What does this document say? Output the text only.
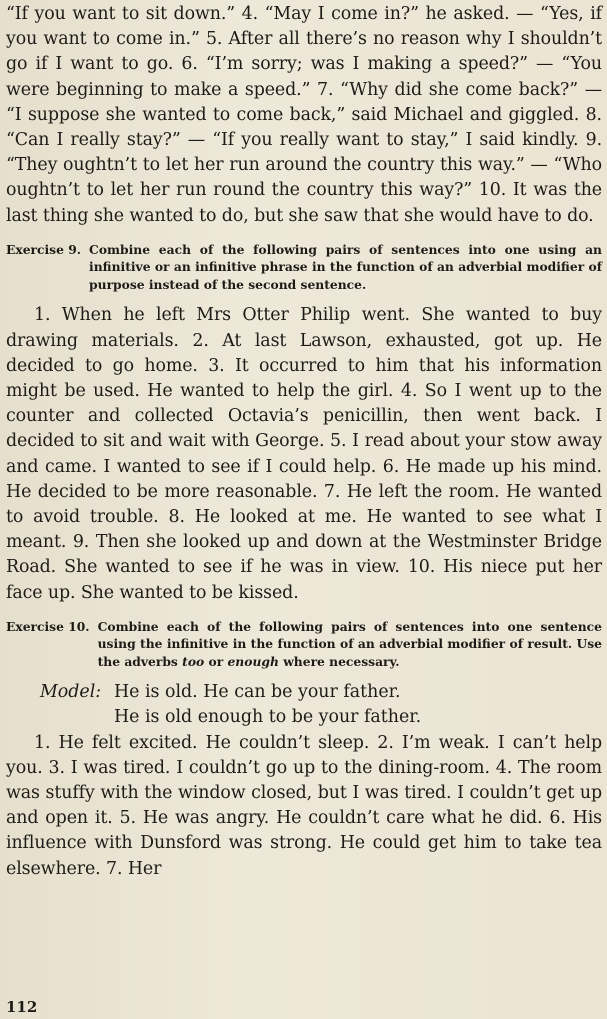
“If you want to sit down.” 4. “May I come in?” he asked. — “Yes, if you want to come in.” 5. After all there’s no reason why I shouldn’t go if I want to go. 6. “I’m sorry; was I making a speed?” — “You were beginning to make a speed.” 7. “Why did she come back?” — “I suppose she wanted to come back,” said Michael and giggled. 8. “Can I really stay?” — “If you really want to stay,” I said kindly. 9. “They oughtn’t to let her run around the country this way.” — “Who oughtn’t to let her run round the country this way?” 10. It was the last thing she wanted to do, but she saw that she would have to do.

Exercise 9. Combine each of the following pairs of sentences into one using an infinitive or an infinitive phrase in the function of an adverbial modifier of purpose instead of the second sentence.

1. When he left Mrs Otter Philip went. She wanted to buy drawing materials. 2. At last Lawson, exhausted, got up. He decided to go home. 3. It occurred to him that his information might be used. He wanted to help the girl. 4. So I went up to the counter and collected Octavia’s penicillin, then went back. I decided to sit and wait with George. 5. I read about your stow away and came. I wanted to see if I could help. 6. He made up his mind. He decided to be more reasonable. 7. He left the room. He wanted to avoid trouble. 8. He looked at me. He wanted to see what I meant. 9. Then she looked up and down at the Westminster Bridge Road. She wanted to see if he was in view. 10. His niece put her face up. She wanted to be kissed.

Exercise 10. Combine each of the following pairs of sentences into one sentence using the infinitive in the function of an adverbial modifier of result. Use the adverbs too or enough where necessary.
Model: He is old. He can be your father.
He is old enough to be your father.

1. He felt excited. He couldn’t sleep. 2. I’m weak. I can’t help you. 3. I was tired. I couldn’t go up to the dining-room. 4. The room was stuffy with the window closed, but I was tired. I couldn’t get up and open it. 5. He was angry. He couldn’t care what he did. 6. His influence with Dunsford was strong. He could get him to take tea elsewhere. 7. Her

112
